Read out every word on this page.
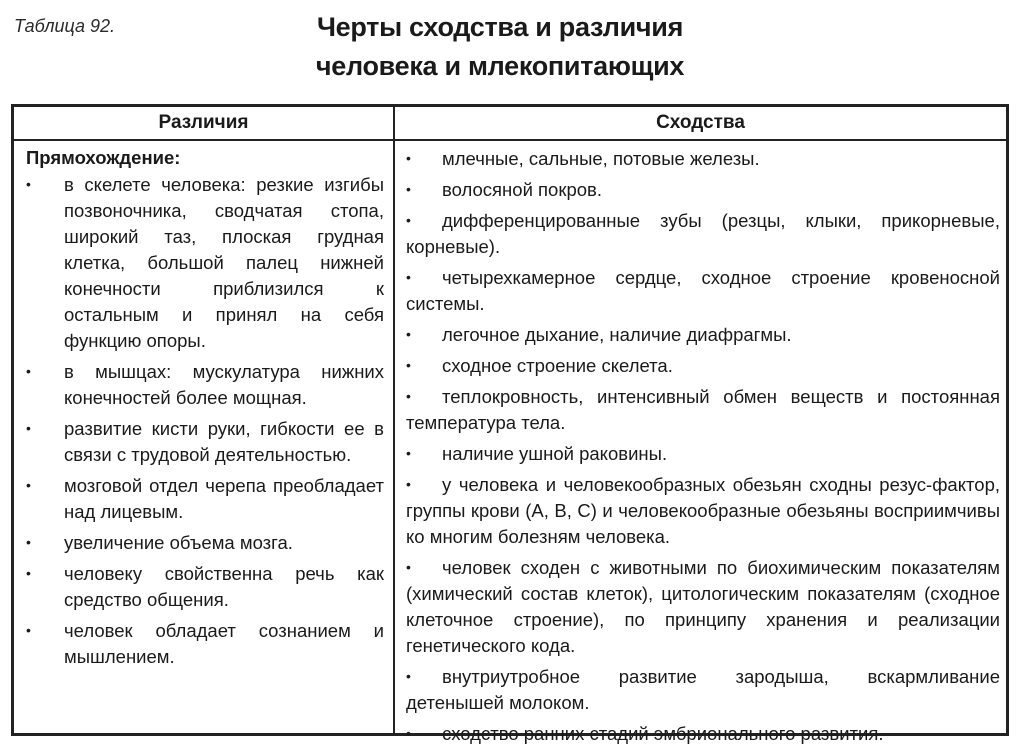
Таблица 92.	Черты сходства и различия
человека и млекопитающих
Различия	Сходства
Прямохождение:
• в скелете человека: резкие изгибы позвоночника, сводчатая стопа, широкий таз, плоская грудная клетка, большой палец нижней конечности приблизился к остальным и принял на себя функцию опоры.
• в мышцах: мускулатура нижних конечностей более мощная.
• развитие кисти руки, гибкости ее в связи с трудовой деятельностью.
• мозговой отдел черепа преобладает над лицевым.
• увеличение объема мозга.
• человеку свойственна речь как средство общения.
• человек обладает сознанием и мышлением.
• млечные, сальные, потовые железы.
• волосяной покров.
• дифференцированные зубы (резцы, клыки, прикорневые, корневые).
• четырехкамерное сердце, сходное строение кровеносной системы.
• легочное дыхание, наличие диафрагмы.
• сходное строение скелета.
• теплокровность, интенсивный обмен веществ и постоянная температура тела.
• наличие ушной раковины.
• у человека и человекообразных обезьян сходны резус-фактор, группы крови (А, В, С) и человекообразные обезьяны восприимчивы ко многим болезням человека.
• человек сходен с животными по биохимическим показателям (химический состав клеток), цитологическим показателям (сходное клеточное строение), по принципу хранения и реализации генетического кода.
• внутриутробное развитие зародыша, вскармливание детенышей молоком.
• сходство ранних стадий эмбрионального развития.
